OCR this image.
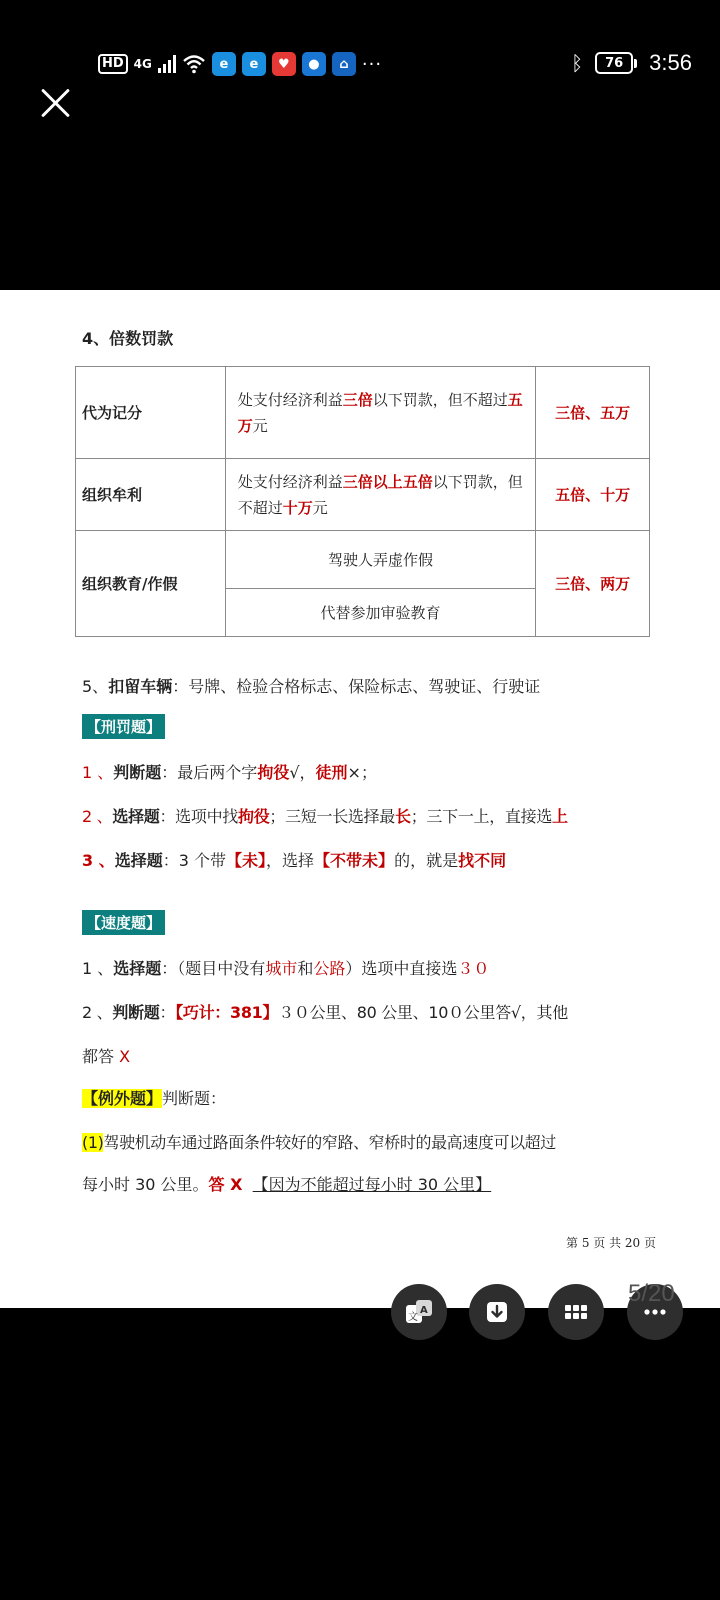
HD 4G	e	e	♥	●	⌂ ···	ᛒ	76	3:56
4、倍数罚款
代为记分	处支付经济利益三倍以下罚款，但不超过五万元	三倍、五万
组织牟利	处支付经济利益三倍以上五倍以下罚款，但不超过十万元	五倍、十万
组织教育/作假	驾驶人弄虚作假	三倍、两万
	代替参加审验教育	
5、扣留车辆：号牌、检验合格标志、保险标志、驾驶证、行驶证
【刑罚题】
1 、判断题：最后两个字拘役√，徒刑×；
2 、选择题：选项中找拘役；三短一长选择最长；三下一上，直接选上
3 、选择题：3 个带【未】，选择【不带未】的，就是找不同
【速度题】
1 、选择题：（题目中没有城市和公路）选项中直接选３０
2 、判断题：【巧计：381】３０公里、80 公里、10０公里答√，其他
都答 X
【例外题】判断题：
(1)驾驶机动车通过路面条件较好的窄路、窄桥时的最高速度可以超过
每小时 30 公里。答 X 【因为不能超过每小时 30 公里】
第 5 页 共 20 页
A
文
5/20
